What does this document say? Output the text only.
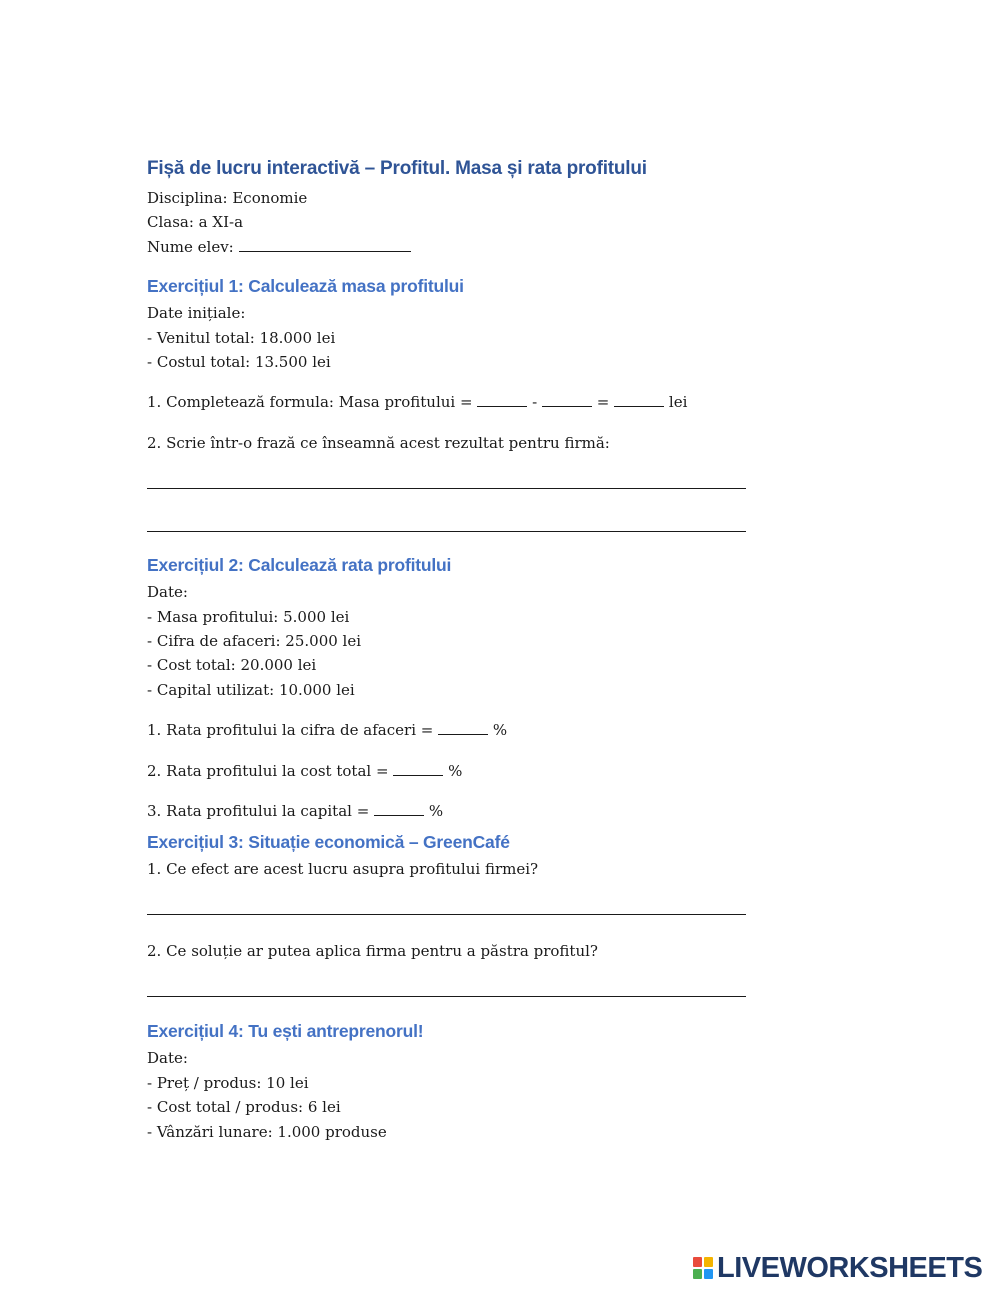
Fișă de lucru interactivă – Profitul. Masa și rata profitului
Disciplina: Economie
Clasa: a XI-a
Nume elev:
Exercițiul 1: Calculează masa profitului
Date inițiale:
- Venitul total: 18.000 lei
- Costul total: 13.500 lei
1. Completează formula: Masa profitului =	-	=	lei
2. Scrie într-o frază ce înseamnă acest rezultat pentru firmă:
Exercițiul 2: Calculează rata profitului
Date:
- Masa profitului: 5.000 lei
- Cifra de afaceri: 25.000 lei
- Cost total: 20.000 lei
- Capital utilizat: 10.000 lei
1. Rata profitului la cifra de afaceri =	%
2. Rata profitului la cost total =	%
3. Rata profitului la capital =	%
Exercițiul 3: Situație economică – GreenCafé
1. Ce efect are acest lucru asupra profitului firmei?
2. Ce soluție ar putea aplica firma pentru a păstra profitul?
Exercițiul 4: Tu ești antreprenorul!
Date:
- Preț / produs: 10 lei
- Cost total / produs: 6 lei
- Vânzări lunare: 1.000 produse
LIVEWORKSHEETS
